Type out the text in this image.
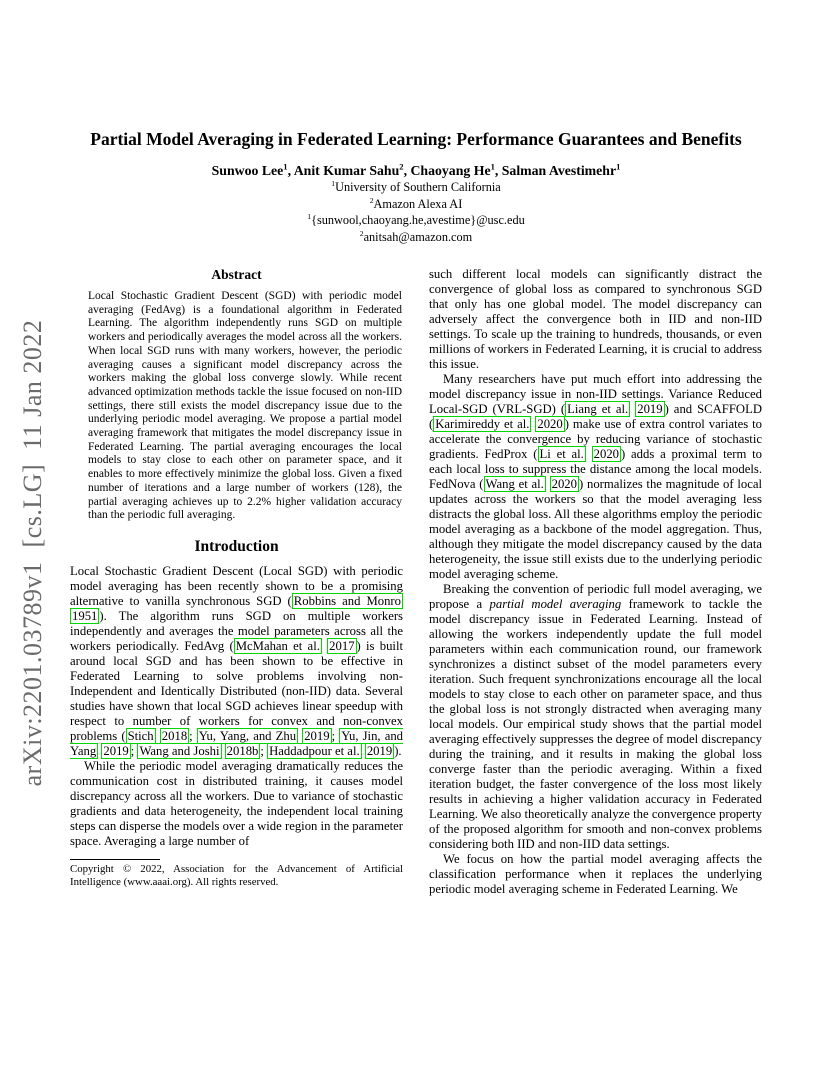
arXiv:2201.03789v1  [cs.LG]  11 Jan 2022
Partial Model Averaging in Federated Learning: Performance Guarantees and Benefits
Sunwoo Lee$^1$, Anit Kumar Sahu$^2$, Chaoyang He$^1$, Salman Avestimehr$^1$
$^1$University of Southern California
$^2$Amazon Alexa AI
$^1${sunwool,chaoyang.he,avestime}@usc.edu
$^2$anitsah@amazon.com
Abstract

Local Stochastic Gradient Descent (SGD) with periodic model averaging (FedAvg) is a foundational algorithm in Federated Learning. The algorithm independently runs SGD on multiple workers and periodically averages the model across all the workers. When local SGD runs with many workers, however, the periodic averaging causes a significant model discrepancy across the workers making the global loss converge slowly. While recent advanced optimization methods tackle the issue focused on non-IID settings, there still exists the model discrepancy issue due to the underlying periodic model averaging. We propose a partial model averaging framework that mitigates the model discrepancy issue in Federated Learning. The partial averaging encourages the local models to stay close to each other on parameter space, and it enables to more effectively minimize the global loss. Given a fixed number of iterations and a large number of workers (128), the partial averaging achieves up to 2.2% higher validation accuracy than the periodic full averaging.

Introduction

Local Stochastic Gradient Descent (Local SGD) with periodic model averaging has been recently shown to be a promising alternative to vanilla synchronous SGD ( Robbins and Monro 1951 ). The algorithm runs SGD on multiple workers independently and averages the model parameters across all the workers periodically. FedAvg ( McMahan et al. 2017 ) is built around local SGD and has been shown to be effective in Federated Learning to solve problems involving non-Independent and Identically Distributed (non-IID) data. Several studies have shown that local SGD achieves linear speedup with respect to number of workers for convex and non-convex problems ( Stich 2018 ; Yu, Yang, and Zhu 2019 ; Yu, Jin, and Yang 2019 ; Wang and Joshi 2018b ; Haddadpour et al. 2019 ).

While the periodic model averaging dramatically reduces the communication cost in distributed training, it causes model discrepancy across all the workers. Due to variance of stochastic gradients and data heterogeneity, the independent local training steps can disperse the models over a wide region in the parameter space. Averaging a large number of

Copyright © 2022, Association for the Advancement of Artificial Intelligence (www.aaai.org). All rights reserved.

such different local models can significantly distract the convergence of global loss as compared to synchronous SGD that only has one global model. The model discrepancy can adversely affect the convergence both in IID and non-IID settings. To scale up the training to hundreds, thousands, or even millions of workers in Federated Learning, it is crucial to address this issue.

Many researchers have put much effort into addressing the model discrepancy issue in non-IID settings. Variance Reduced Local-SGD (VRL-SGD) ( Liang et al. 2019 ) and SCAFFOLD ( Karimireddy et al. 2020 ) make use of extra control variates to accelerate the convergence by reducing variance of stochastic gradients. FedProx ( Li et al. 2020 ) adds a proximal term to each local loss to suppress the distance among the local models. FedNova ( Wang et al. 2020 ) normalizes the magnitude of local updates across the workers so that the model averaging less distracts the global loss. All these algorithms employ the periodic model averaging as a backbone of the model aggregation. Thus, although they mitigate the model discrepancy caused by the data heterogeneity, the issue still exists due to the underlying periodic model averaging scheme.

Breaking the convention of periodic full model averaging, we propose a partial model averaging framework to tackle the model discrepancy issue in Federated Learning. Instead of allowing the workers independently update the full model parameters within each communication round, our framework synchronizes a distinct subset of the model parameters every iteration. Such frequent synchronizations encourage all the local models to stay close to each other on parameter space, and thus the global loss is not strongly distracted when averaging many local models. Our empirical study shows that the partial model averaging effectively suppresses the degree of model discrepancy during the training, and it results in making the global loss converge faster than the periodic averaging. Within a fixed iteration budget, the faster convergence of the loss most likely results in achieving a higher validation accuracy in Federated Learning. We also theoretically analyze the convergence property of the proposed algorithm for smooth and non-convex problems considering both IID and non-IID data settings.

We focus on how the partial model averaging affects the classification performance when it replaces the underlying periodic model averaging scheme in Federated Learning. We
